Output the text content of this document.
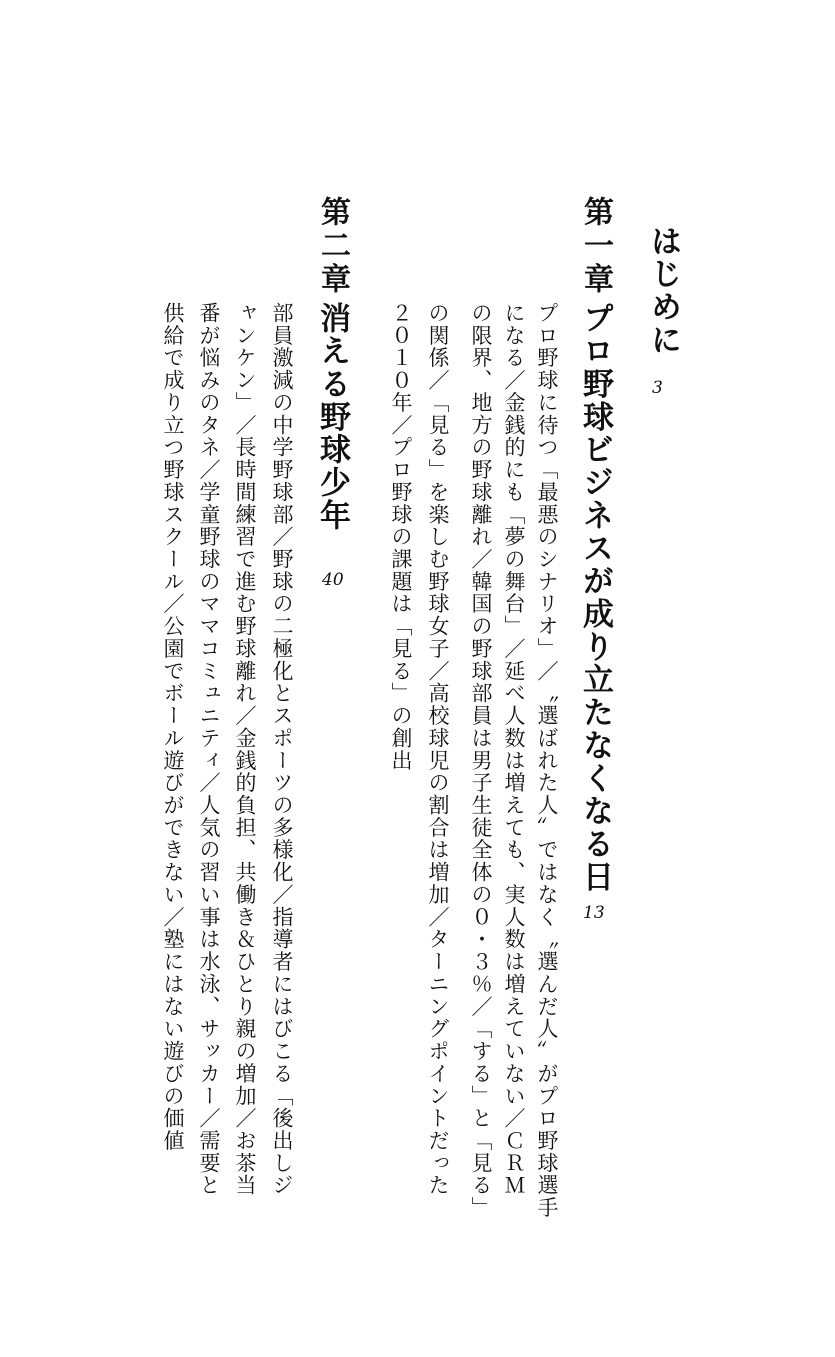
はじめに
3
第一章
プロ野球ビジネスが成り立たなくなる日
13
プロ野球に待つ「最悪のシナリオ」／〝選ばれた人〟ではなく〝選んだ人〟がプロ野球選手
になる／金銭的にも「夢の舞台」／延べ人数は増えても、実人数は増えていない／ＣＲＭ
の限界、地方の野球離れ／韓国の野球部員は男子生徒全体の０・３％／「する」と「見る」
の関係／「見る」を楽しむ野球女子／高校球児の割合は増加／ターニングポイントだった
２０１０年／プロ野球の課題は「見る」の創出
第二章
消える野球少年
40
部員激減の中学野球部／野球の二極化とスポーツの多様化／指導者にはびこる「後出しジ
ャンケン」／長時間練習で進む野球離れ／金銭的負担、共働き＆ひとり親の増加／お茶当
番が悩みのタネ／学童野球のママコミュニティ／人気の習い事は水泳、サッカー／需要と
供給で成り立つ野球スクール／公園でボール遊びができない／塾にはない遊びの価値
